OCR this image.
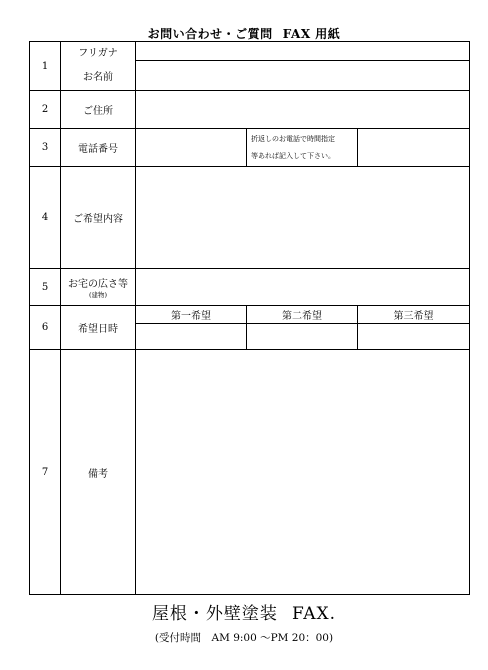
お問い合わせ・ご質問 FAX 用紙
1	フリガナ			
	お名前			
2	ご住所			
3	電話番号		折返しのお電話で時間指定
等あれば記入して下さい。	

4	ご希望内容			
5	お宅の広さ等
(建物)			

6	希望日時	第一希望	第二希望	第三希望

7	備考			
屋根・外壁塗装 FAX.
(受付時間　AM 9:00 ～PM 20：00)
